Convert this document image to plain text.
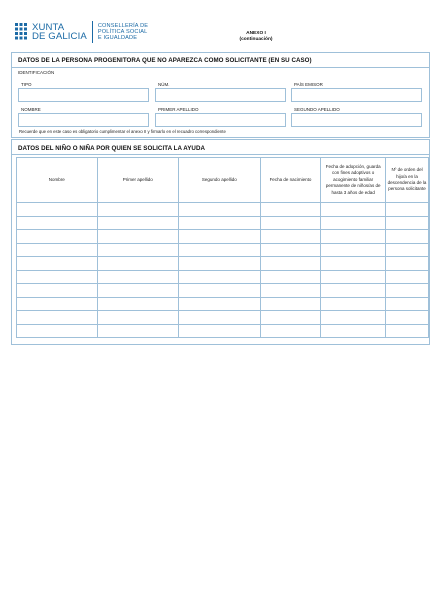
XUNTA
DE GALICIA
CONSELLERÍA DE
POLÍTICA SOCIAL
E IGUALDADE
ANEXO I
(continuación)
DATOS DE LA PERSONA PROGENITORA QUE NO APAREZCA COMO SOLICITANTE (EN SU CASO)
IDENTIFICACIÓN
TIPO	NÚM.	PAÍS EMISOR
NOMBRE	PRIMER APELLIDO	SEGUNDO APELLIDO
Recuerde que en este caso es obligatorio cumplimentar el anexo II y firmarlo en el recuadro correspondiente
DATOS DEL NIÑO O NIÑA POR QUIEN SE SOLICITA LA AYUDA
Nombre	Primer apellido	Segundo apellido	Fecha de nacimiento	Fecha de adopción, guarda con fines adoptivos o acogimiento familiar permanente de niños/as de hasta 3 años de edad	Nº de orden del hijo/a en la descendencia de la persona solicitante
